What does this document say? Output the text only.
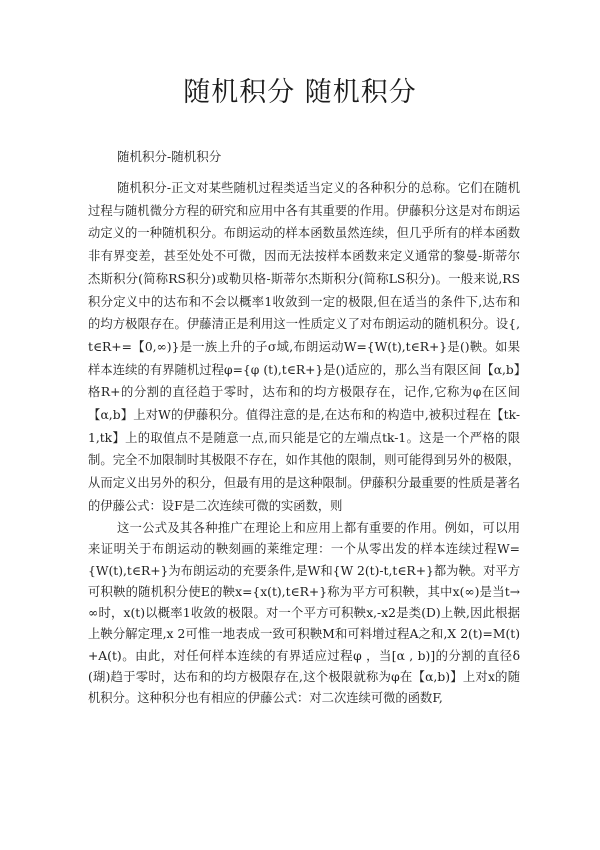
随机积分 随机积分

随机积分-随机积分

随机积分-正文对某些随机过程类适当定义的各种积分的总称。它们在随机过程与随机微分方程的研究和应用中各有其重要的作用。伊藤积分这是对布朗运动定义的一种随机积分。布朗运动的样本函数虽然连续，但几乎所有的样本函数非有界变差，甚至处处不可微，因而无法按样本函数来定义通常的黎曼-斯蒂尔杰斯积分(简称RS积分)或勒贝格-斯蒂尔杰斯积分(简称LS积分)。一般来说,RS积分定义中的达布和不会以概率1收敛到一定的极限,但在适当的条件下,达布和的均方极限存在。伊藤清正是利用这一性质定义了对布朗运动的随机积分。设{,t∈R+=【0,∞)}是一族上升的子σ域,布朗运动W={W(t),t∈R+}是()鞅。如果样本连续的有界随机过程φ={φ (t),t∈R+}是()适应的，那么当有限区间【α,b】格R+的分割的直径趋于零时，达布和的均方极限存在，记作,它称为φ在区间【α,b】上对W的伊藤积分。值得注意的是,在达布和的构造中,被积过程在【tk-1,tk】上的取值点不是随意一点,而只能是它的左端点tk-1。这是一个严格的限制。完全不加限制时其极限不存在，如作其他的限制，则可能得到另外的极限，从而定义出另外的积分，但最有用的是这种限制。伊藤积分最重要的性质是著名的伊藤公式：设F是二次连续可微的实函数，则

这一公式及其各种推广在理论上和应用上都有重要的作用。例如，可以用来证明关于布朗运动的鞅刻画的莱维定理：一个从零出发的样本连续过程W={W(t),t∈R+}为布朗运动的充要条件,是W和{W 2(t)-t,t∈R+}都为鞅。对平方可积鞅的随机积分使E的鞅x={x(t),t∈R+}称为平方可积鞅，其中x(∞)是当t→∞时，x(t)以概率1收敛的极限。对一个平方可积鞅x,-x2是类(D)上鞅,因此根据上鞅分解定理,x 2可惟一地表成一致可积鞅M和可料增过程A之和,X 2(t)=M(t)+A(t)。由此，对任何样本连续的有界适应过程φ ，当[α , b)]的分割的直径δ (瑚)趋于零时，达布和的均方极限存在,这个极限就称为φ在【α,b)】上对x的随机积分。这种积分也有相应的伊藤公式：对二次连续可微的函数F,
